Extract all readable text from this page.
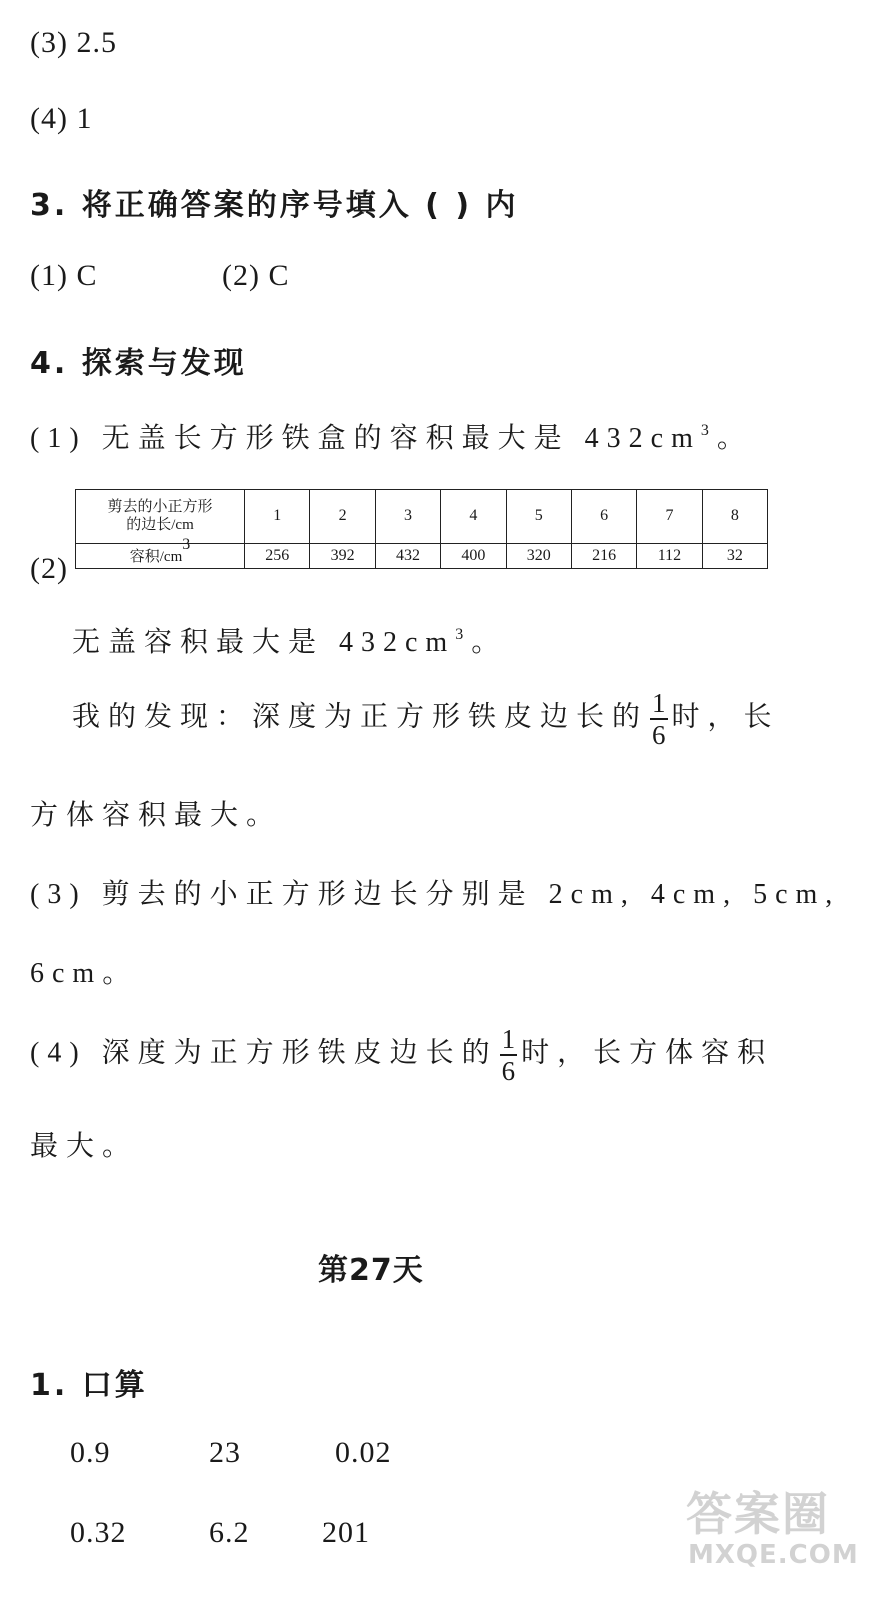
(3) 2.5
(4) 1
3. 将正确答案的序号填入 ( ) 内
(1) C	(2) C
4. 探索与发现
(1) 无盖长方形铁盒的容积最大是 $432cm^3$。
(2)
剪去的小正方形
的边长/cm	1	2	3	4	5	6	7	8
容积$/cm^3$	256	392	432	400	320	216	112	32
无盖容积最大是 $432cm^3$。
我的发现：深度为正方形铁皮边长的 $\frac{1}{6}$ 时，长
方体容积最大。
(3) 剪去的小正方形边长分别是 2cm, 4cm, 5cm,
6cm。
(4) 深度为正方形铁皮边长的 $\frac{1}{6}$ 时，长方体容积
最大。
第27天
1. 口算
0.9	23	0.02
0.32	6.2 201	答案圈
MXQE.COM
